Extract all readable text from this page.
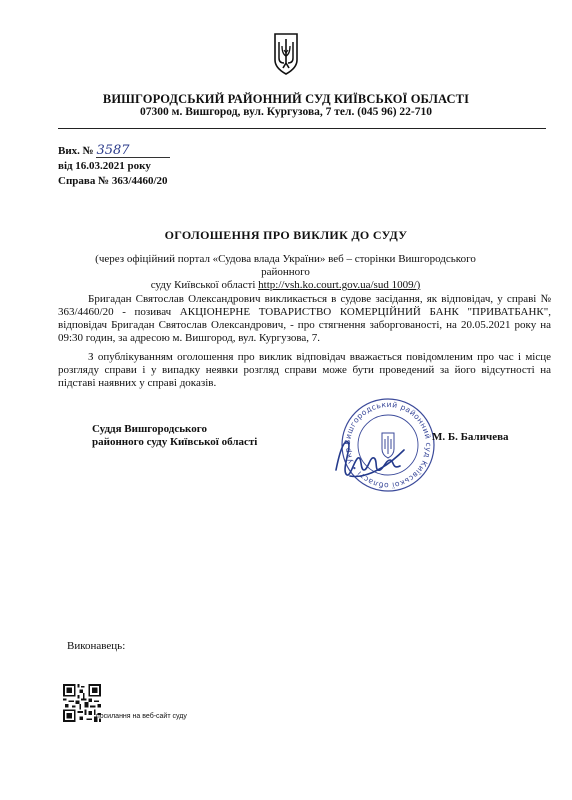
ВИШГОРОДСЬКИЙ РАЙОННИЙ СУД КИЇВСЬКОЇ ОБЛАСТІ
07300 м. Вишгород, вул. Кургузова, 7 тел. (045 96) 22-710
Вих. № 3587
від 16.03.2021 року
Справа № 363/4460/20
ОГОЛОШЕННЯ ПРО ВИКЛИК ДО СУДУ
(через офіційний портал «Судова влада України» веб – сторінки Вишгородського районного
суду Київської області http://vsh.ko.court.gov.ua/sud 1009/)
Бригадан Святослав Олександрович викликається в судове засідання, як відповідач, у справі № 363/4460/20 - позивач АКЦІОНЕРНЕ ТОВАРИСТВО КОМЕРЦІЙНИЙ БАНК "ПРИВАТБАНК", відповідач Бригадан Святослав Олександрович, - про стягнення заборгованості, на 20.05.2021 року на 09:30 годин, за адресою м. Вишгород, вул. Кургузова, 7.
З опублікуванням оголошення про виклик відповідач вважається повідомленим про час і місце розгляду справи і у випадку неявки розгляд справи може бути проведений за його відсутності на підставі наявних у справі доказів.
Суддя Вишгородського
районного суду Київської області	Вишгородський районний суд Київської області • Укр
М. Б. Баличева
Виконавець:
посилання на веб-сайт суду
